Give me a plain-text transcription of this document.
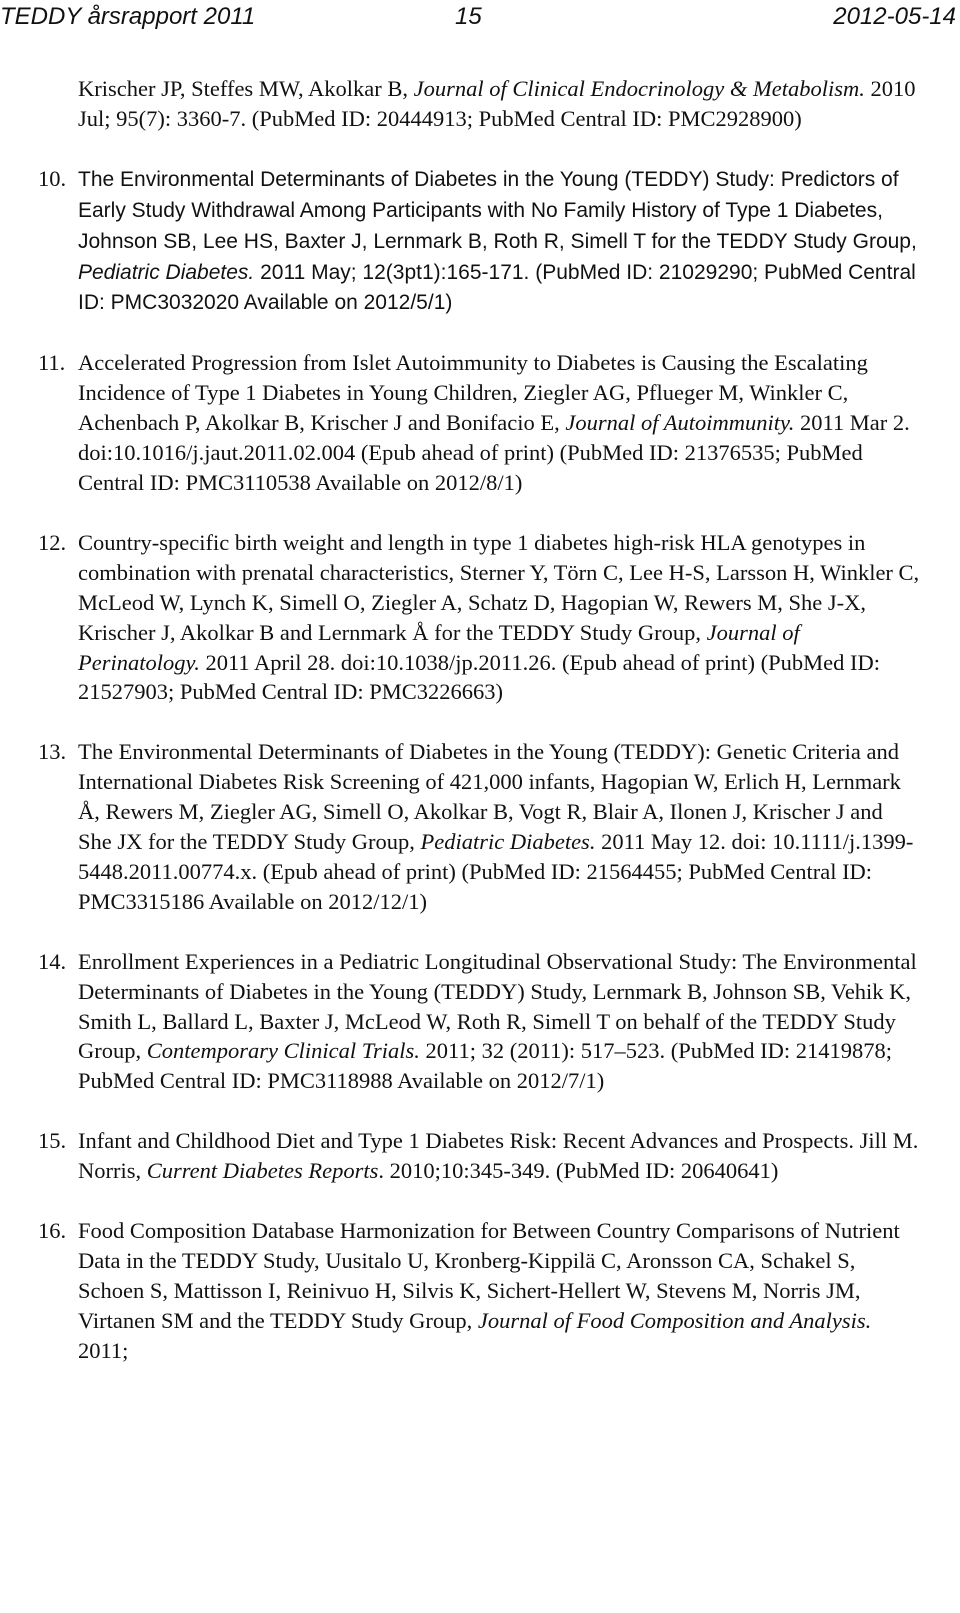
TEDDY årsrapport 2011	15	2012-05-14
Krischer JP, Steffes MW, Akolkar B, Journal of Clinical Endocrinology & Metabolism. 2010 Jul; 95(7): 3360-7. (PubMed ID: 20444913; PubMed Central ID: PMC2928900)
10. The Environmental Determinants of Diabetes in the Young (TEDDY) Study: Predictors of Early Study Withdrawal Among Participants with No Family History of Type 1 Diabetes, Johnson SB, Lee HS, Baxter J, Lernmark B, Roth R, Simell T for the TEDDY Study Group, Pediatric Diabetes. 2011 May; 12(3pt1):165-171. (PubMed ID: 21029290; PubMed Central ID: PMC3032020 Available on 2012/5/1)
11. Accelerated Progression from Islet Autoimmunity to Diabetes is Causing the Escalating Incidence of Type 1 Diabetes in Young Children, Ziegler AG, Pflueger M, Winkler C, Achenbach P, Akolkar B, Krischer J and Bonifacio E, Journal of Autoimmunity. 2011 Mar 2. doi:10.1016/j.jaut.2011.02.004 (Epub ahead of print) (PubMed ID: 21376535; PubMed Central ID: PMC3110538 Available on 2012/8/1)
12. Country-specific birth weight and length in type 1 diabetes high-risk HLA genotypes in combination with prenatal characteristics, Sterner Y, Törn C, Lee H-S, Larsson H, Winkler C, McLeod W, Lynch K, Simell O, Ziegler A, Schatz D, Hagopian W, Rewers M, She J-X, Krischer J, Akolkar B and Lernmark Å for the TEDDY Study Group, Journal of Perinatology. 2011 April 28. doi:10.1038/jp.2011.26. (Epub ahead of print) (PubMed ID: 21527903; PubMed Central ID: PMC3226663)
13. The Environmental Determinants of Diabetes in the Young (TEDDY): Genetic Criteria and International Diabetes Risk Screening of 421,000 infants, Hagopian W, Erlich H, Lernmark Å, Rewers M, Ziegler AG, Simell O, Akolkar B, Vogt R, Blair A, Ilonen J, Krischer J and She JX for the TEDDY Study Group, Pediatric Diabetes. 2011 May 12. doi: 10.1111/j.1399-5448.2011.00774.x. (Epub ahead of print) (PubMed ID: 21564455; PubMed Central ID: PMC3315186 Available on 2012/12/1)
14. Enrollment Experiences in a Pediatric Longitudinal Observational Study: The Environmental Determinants of Diabetes in the Young (TEDDY) Study, Lernmark B, Johnson SB, Vehik K, Smith L, Ballard L, Baxter J, McLeod W, Roth R, Simell T on behalf of the TEDDY Study Group, Contemporary Clinical Trials. 2011; 32 (2011): 517–523. (PubMed ID: 21419878; PubMed Central ID: PMC3118988 Available on 2012/7/1)
15. Infant and Childhood Diet and Type 1 Diabetes Risk: Recent Advances and Prospects. Jill M. Norris, Current Diabetes Reports. 2010;10:345-349. (PubMed ID: 20640641)
16. Food Composition Database Harmonization for Between Country Comparisons of Nutrient Data in the TEDDY Study, Uusitalo U, Kronberg-Kippilä C, Aronsson CA, Schakel S, Schoen S, Mattisson I, Reinivuo H, Silvis K, Sichert-Hellert W, Stevens M, Norris JM, Virtanen SM and the TEDDY Study Group, Journal of Food Composition and Analysis. 2011;
